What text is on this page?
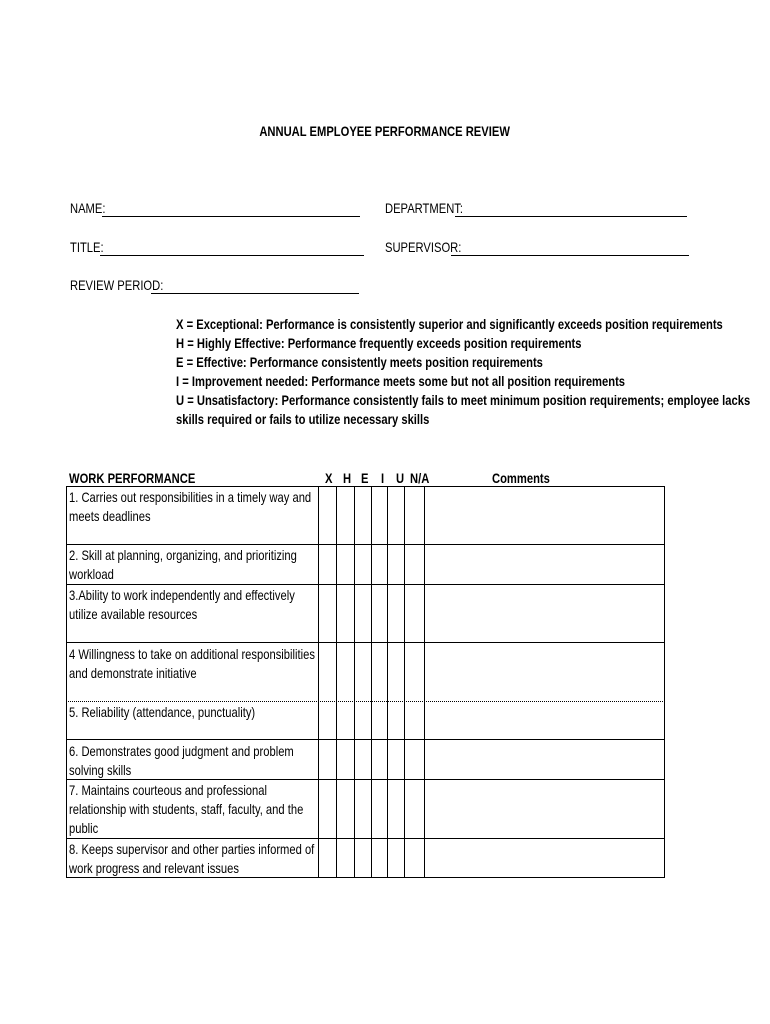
ANNUAL EMPLOYEE PERFORMANCE REVIEW
NAME:	DEPARTMENT:
TITLE:	SUPERVISOR:
REVIEW PERIOD:
X = Exceptional: Performance is consistently superior and significantly exceeds position requirements
H = Highly Effective: Performance frequently exceeds position requirements
E = Effective: Performance consistently meets position requirements
I = Improvement needed: Performance meets some but not all position requirements
U = Unsatisfactory: Performance consistently fails to meet minimum position requirements; employee lacks
skills required or fails to utilize necessary skills
WORK PERFORMANCE	X H E I U N/A	Comments
1. Carries out responsibilities in a timely way and meets deadlines
2. Skill at planning, organizing, and prioritizing workload
3.Ability to work independently and effectively utilize available resources
4 Willingness to take on additional responsibilities and demonstrate initiative
5. Reliability (attendance, punctuality)
6. Demonstrates good judgment and problem solving skills
7. Maintains courteous and professional relationship with students, staff, faculty, and the public
8. Keeps supervisor and other parties informed of work progress and relevant issues
